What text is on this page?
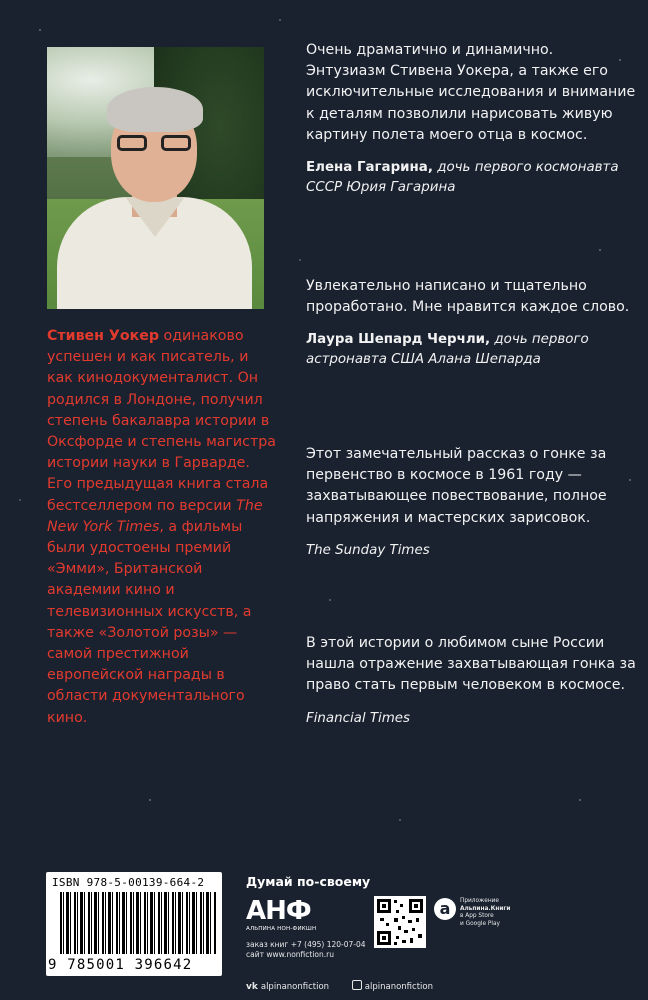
Стивен Уокер одинаково успешен и как писатель, и как кинодокументалист. Он родился в Лондоне, получил степень бакалавра истории в Оксфорде и степень магистра истории науки в Гарварде. Его предыдущая книга стала бестселлером по версии The New York Times, а фильмы были удостоены премий «Эмми», Британской академии кино и телевизионных искусств, а также «Золотой розы» — самой престижной европейской награды в области документального кино.

Очень драматично и динамично. Энтузиазм Стивена Уокера, а также его исключительные исследования и внимание к деталям позволили нарисовать живую картину полета моего отца в космос.

Елена Гагарина, дочь первого космонавта СССР Юрия Гагарина

Увлекательно написано и тщательно проработано. Мне нравится каждое слово.

Лаура Шепард Черчли, дочь первого астронавта США Алана Шепарда

Этот замечательный рассказ о гонке за первенство в космосе в 1961 году — захватывающее повествование, полное напряжения и мастерских зарисовок.

The Sunday Times

В этой истории о любимом сыне России нашла отражение захватывающая гонка за право стать первым человеком в космосе.

Financial Times

ISBN 978-5-00139-664-2
9 785001 396642
Думай по-своему
АНФ
АЛЬПИНА НОН-ФИКШН
заказ книг +7 (495) 120-07-04
сайт www.nonfiction.ru
a	Приложение
Альпина.Книги
в App Store
и Google Play
vk alpinanonfiction	alpinanonfiction
